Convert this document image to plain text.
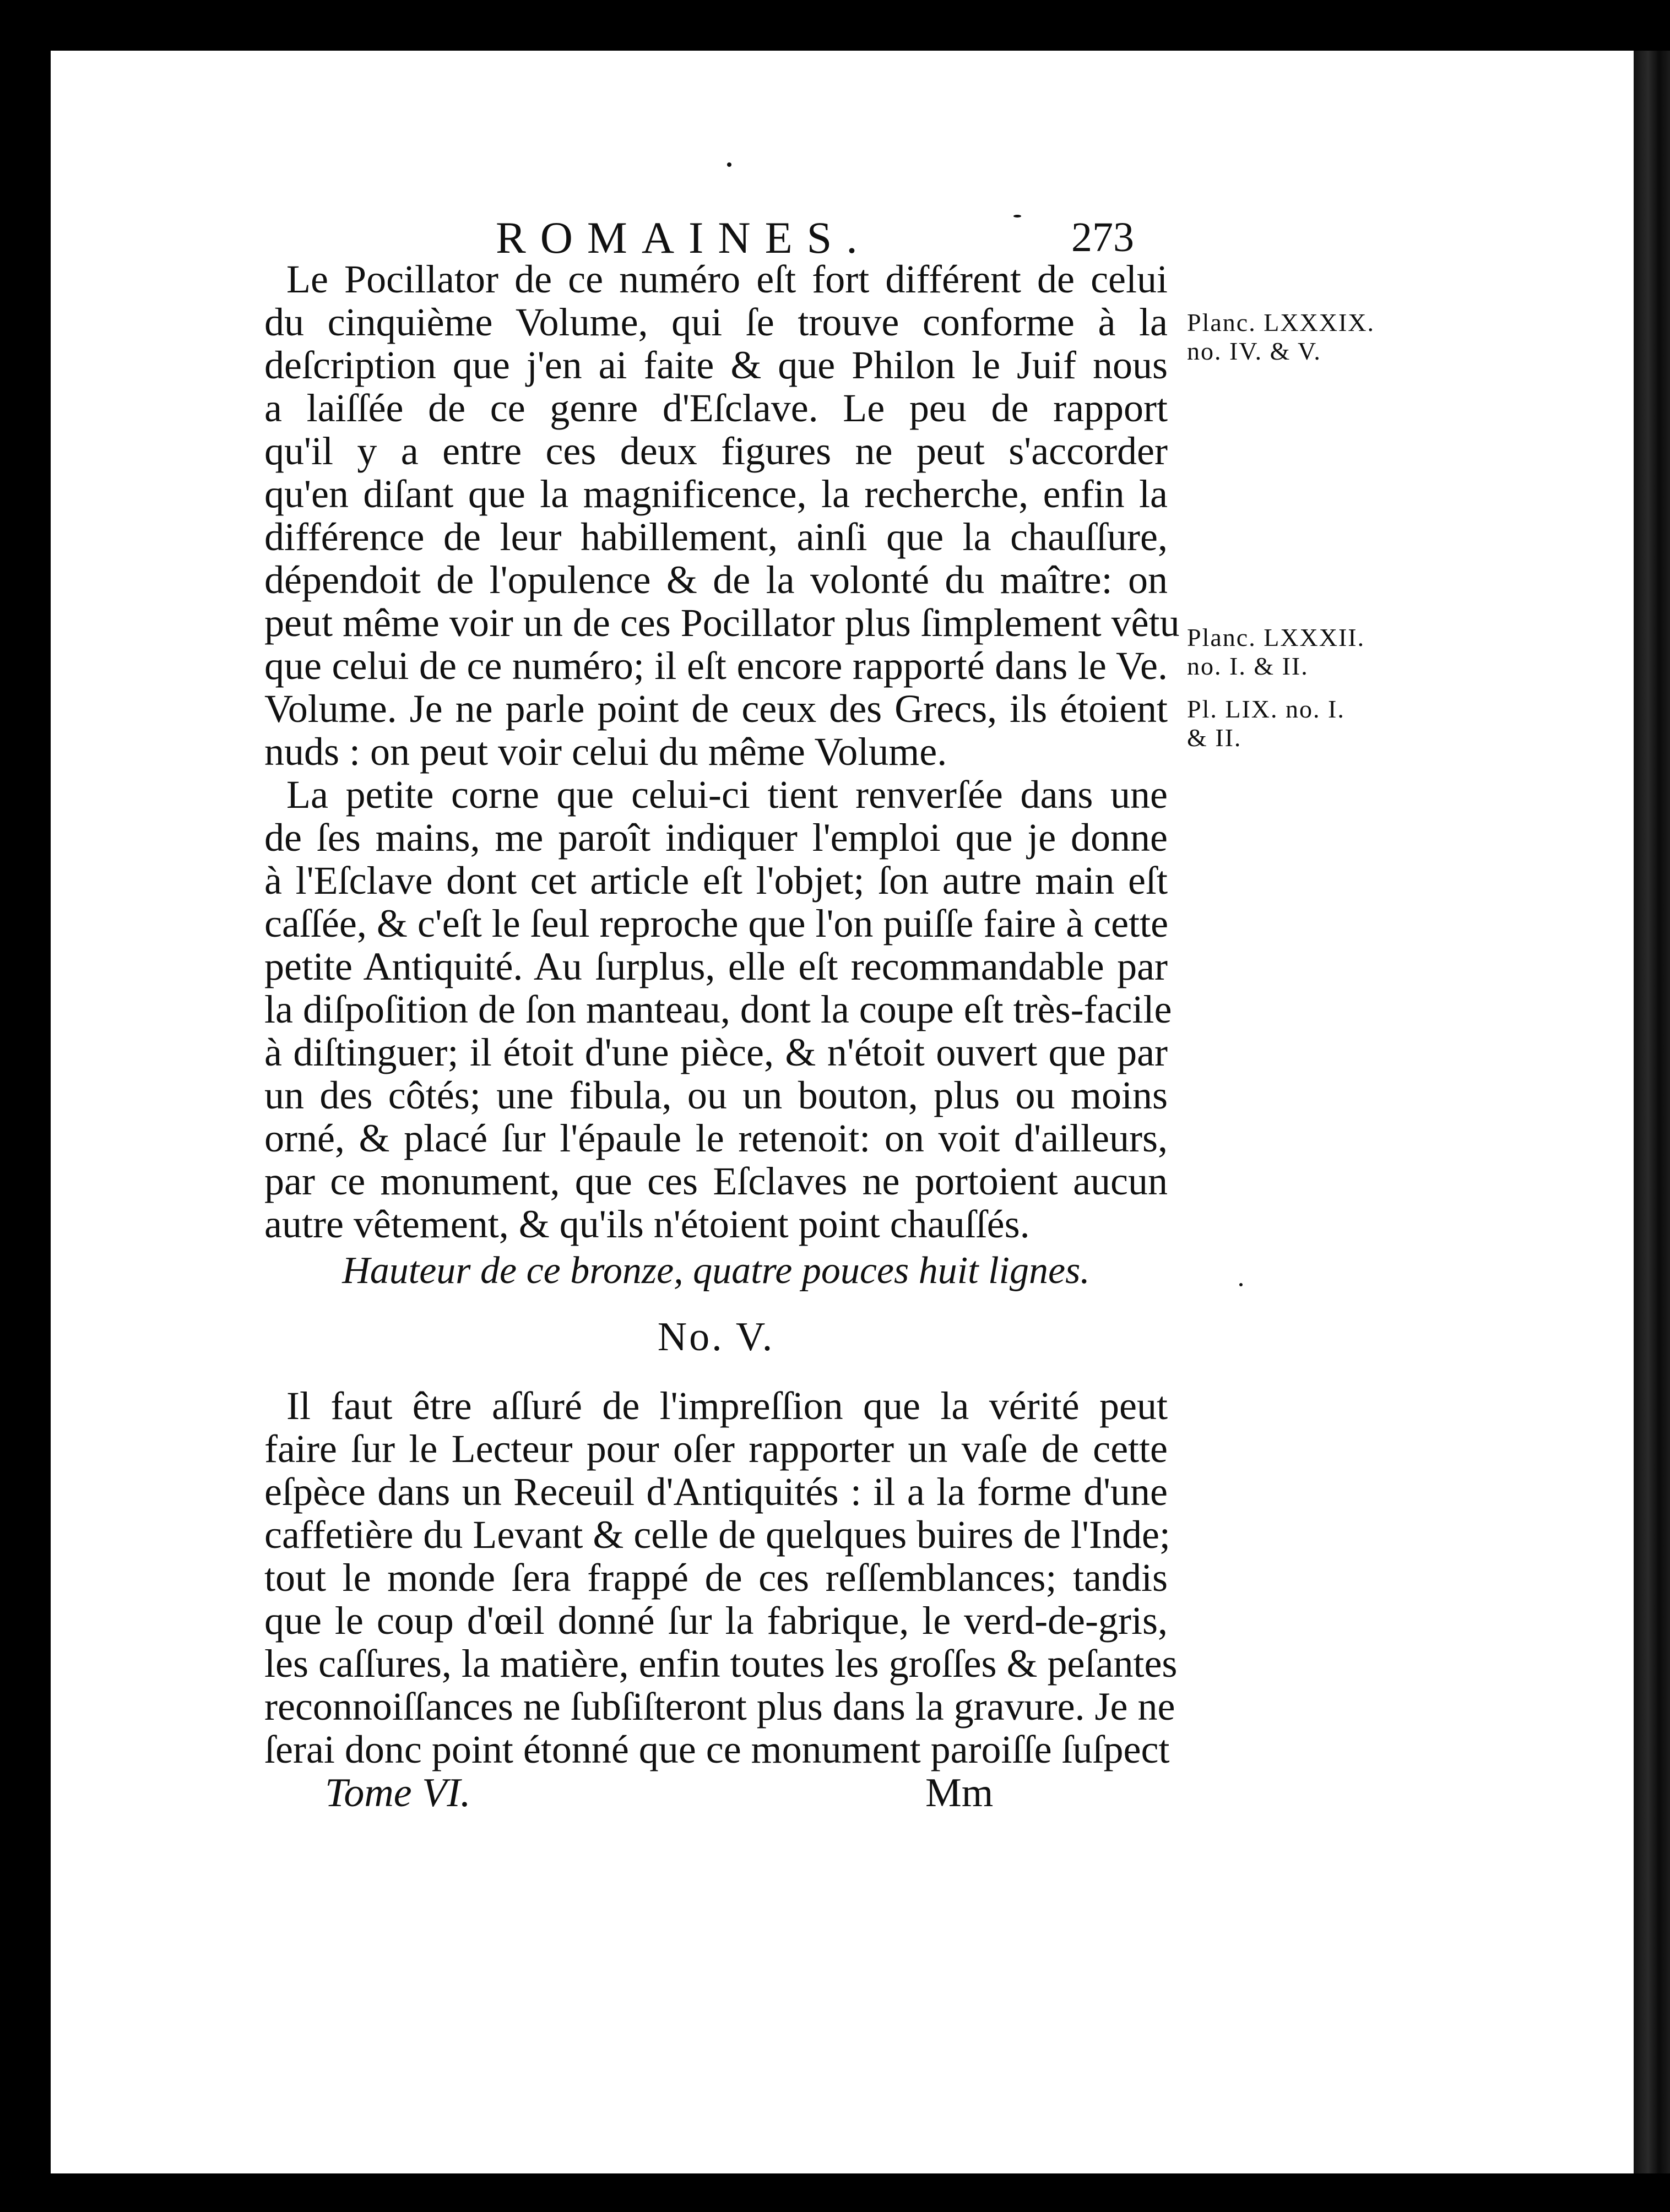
ROMAINES.	273
Le Pocillator de ce numéro eſt fort différent de celui
du cinquième Volume, qui ſe trouve conforme à la
deſcription que j'en ai faite & que Philon le Juif nous
a laiſſée de ce genre d'Eſclave. Le peu de rapport
qu'il y a entre ces deux figures ne peut s'accorder
qu'en diſant que la magnificence, la recherche, enfin la
différence de leur habillement, ainſi que la chauſſure,
dépendoit de l'opulence & de la volonté du maître: on
peut même voir un de ces Pocillator plus ſimplement vêtu
que celui de ce numéro; il eſt encore rapporté dans le Ve.
Volume. Je ne parle point de ceux des Grecs, ils étoient
nuds : on peut voir celui du même Volume.
La petite corne que celui-ci tient renverſée dans une
de ſes mains, me paroît indiquer l'emploi que je donne
à l'Eſclave dont cet article eſt l'objet; ſon autre main eſt
caſſée, & c'eſt le ſeul reproche que l'on puiſſe faire à cette
petite Antiquité. Au ſurplus, elle eſt recommandable par
la diſpoſition de ſon manteau, dont la coupe eſt très-facile
à diſtinguer; il étoit d'une pièce, & n'étoit ouvert que par
un des côtés; une fibula, ou un bouton, plus ou moins
orné, & placé ſur l'épaule le retenoit: on voit d'ailleurs,
par ce monument, que ces Eſclaves ne portoient aucun
autre vêtement, & qu'ils n'étoient point chauſſés.
Hauteur de ce bronze, quatre pouces huit lignes.
No. V.
Il faut être aſſuré de l'impreſſion que la vérité peut
faire ſur le Lecteur pour oſer rapporter un vaſe de cette
eſpèce dans un Receuil d'Antiquités : il a la forme d'une
caffetière du Levant & celle de quelques buires de l'Inde;
tout le monde ſera frappé de ces reſſemblances; tandis
que le coup d'œil donné ſur la fabrique, le verd-de-gris,
les caſſures, la matière, enfin toutes les groſſes & peſantes
reconnoiſſances ne ſubſiſteront plus dans la gravure. Je ne
ſerai donc point étonné que ce monument paroiſſe ſuſpect
Tome VI.	Mm
Planc. LXXXIX.
no. IV. & V.
Planc. LXXXII.
no. I. & II.
Pl. LIX. no. I.
& II.
